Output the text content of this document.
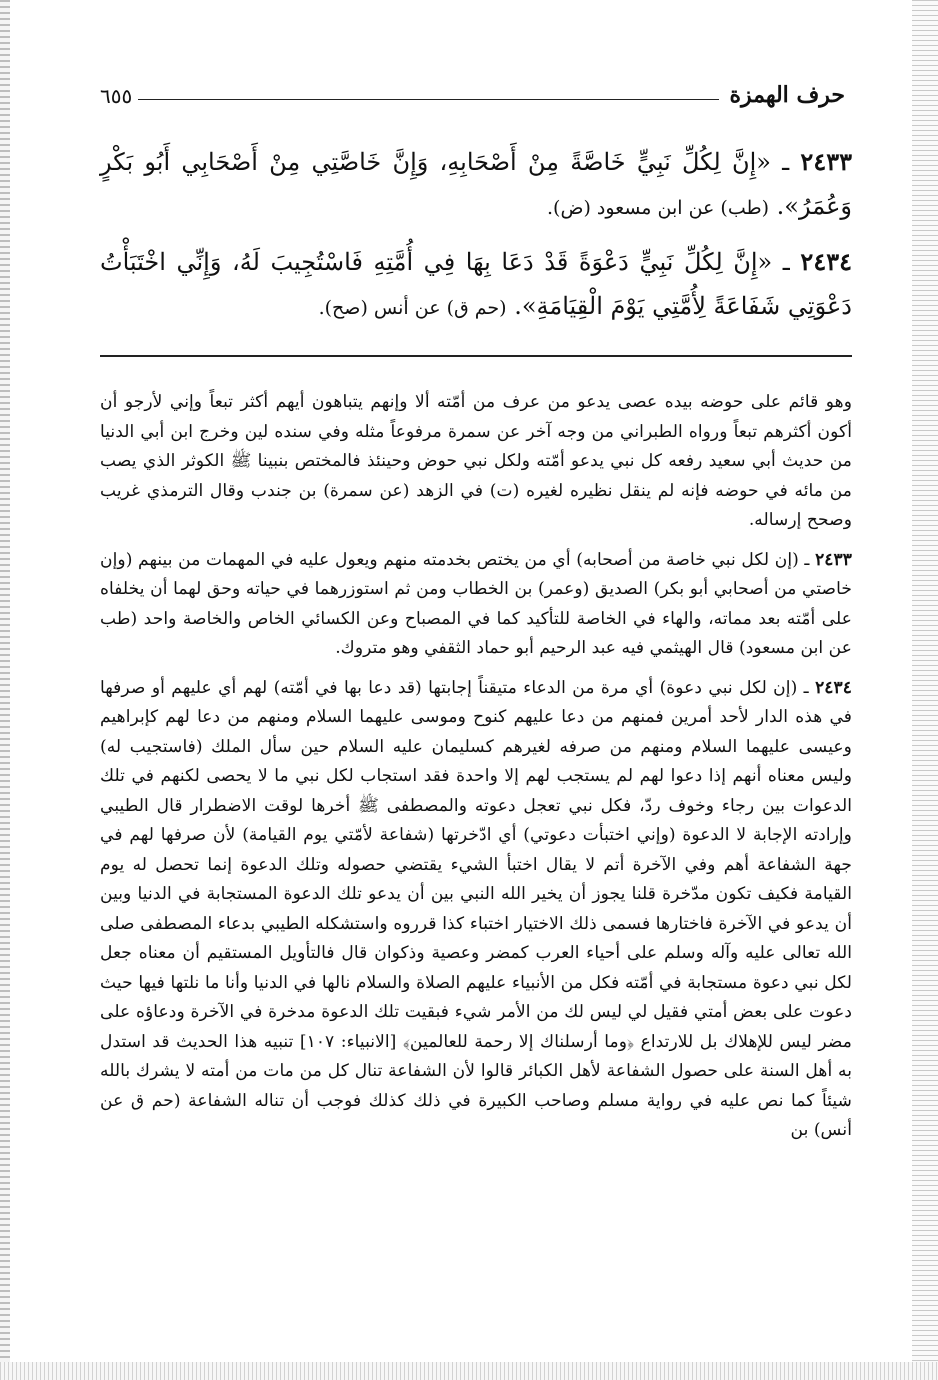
حرف الهمزة
٦٥٥

٢٤٣٣ ـ «إِنَّ لِكُلِّ نَبِيٍّ خَاصَّةً مِنْ أَصْحَابِهِ، وَإِنَّ خَاصَّتِي مِنْ أَصْحَابِي أَبُو بَكْرٍ وَعُمَرُ». (طب) عن ابن مسعود (ض).

٢٤٣٤ ـ «إِنَّ لِكُلِّ نَبِيٍّ دَعْوَةً قَدْ دَعَا بِهَا فِي أُمَّتِهِ فَاسْتُجِيبَ لَهُ، وَإِنِّي اخْتَبَأْتُ دَعْوَتِي شَفَاعَةً لِأُمَّتِي يَوْمَ الْقِيَامَةِ». (حم ق) عن أنس (صح).

وهو قائم على حوضه بيده عصى يدعو من عرف من أمّته ألا وإنهم يتباهون أيهم أكثر تبعاً وإني لأرجو أن أكون أكثرهم تبعاً ورواه الطبراني من وجه آخر عن سمرة مرفوعاً مثله وفي سنده لين وخرج ابن أبي الدنيا من حديث أبي سعيد رفعه كل نبي يدعو أمّته ولكل نبي حوض وحينئذ فالمختص بنبينا ﷺ الكوثر الذي يصب من مائه في حوضه فإنه لم ينقل نظيره لغيره (ت) في الزهد (عن سمرة) بن جندب وقال الترمذي غريب وصحح إرساله.

٢٤٣٣ ـ (إن لكل نبي خاصة من أصحابه) أي من يختص بخدمته منهم ويعول عليه في المهمات من بينهم (وإن خاصتي من أصحابي أبو بكر) الصديق (وعمر) بن الخطاب ومن ثم استوزرهما في حياته وحق لهما أن يخلفاه على أمّته بعد مماته، والهاء في الخاصة للتأكيد كما في المصباح وعن الكسائي الخاص والخاصة واحد (طب عن ابن مسعود) قال الهيثمي فيه عبد الرحيم أبو حماد الثقفي وهو متروك.

٢٤٣٤ ـ (إن لكل نبي دعوة) أي مرة من الدعاء متيقناً إجابتها (قد دعا بها في أمّته) لهم أي عليهم أو صرفها في هذه الدار لأحد أمرين فمنهم من دعا عليهم كنوح وموسى عليهما السلام ومنهم من دعا لهم كإبراهيم وعيسى عليهما السلام ومنهم من صرفه لغيرهم كسليمان عليه السلام حين سأل الملك (فاستجيب له) وليس معناه أنهم إذا دعوا لهم لم يستجب لهم إلا واحدة فقد استجاب لكل نبي ما لا يحصى لكنهم في تلك الدعوات بين رجاء وخوف ردّ، فكل نبي تعجل دعوته والمصطفى ﷺ أخرها لوقت الاضطرار قال الطيبي وإرادته الإجابة لا الدعوة (وإني اختبأت دعوتي) أي ادّخرتها (شفاعة لأمّتي يوم القيامة) لأن صرفها لهم في جهة الشفاعة أهم وفي الآخرة أتم لا يقال اختبأ الشيء يقتضي حصوله وتلك الدعوة إنما تحصل له يوم القيامة فكيف تكون مدّخرة قلنا يجوز أن يخير الله النبي بين أن يدعو تلك الدعوة المستجابة في الدنيا وبين أن يدعو في الآخرة فاختارها فسمى ذلك الاختيار اختباء كذا قرروه واستشكله الطيبي بدعاء المصطفى صلى الله تعالى عليه وآله وسلم على أحياء العرب كمضر وعصية وذكوان قال فالتأويل المستقيم أن معناه جعل لكل نبي دعوة مستجابة في أمّته فكل من الأنبياء عليهم الصلاة والسلام نالها في الدنيا وأنا ما نلتها فيها حيث دعوت على بعض أمتي فقيل لي ليس لك من الأمر شيء فبقيت تلك الدعوة مدخرة في الآخرة ودعاؤه على مضر ليس للإهلاك بل للارتداع ﴿وما أرسلناك إلا رحمة للعالمين﴾ [الانبياء: ١٠٧] تنبيه هذا الحديث قد استدل به أهل السنة على حصول الشفاعة لأهل الكبائر قالوا لأن الشفاعة تنال كل من مات من أمته لا يشرك بالله شيئاً كما نص عليه في رواية مسلم وصاحب الكبيرة في ذلك كذلك فوجب أن تناله الشفاعة (حم ق عن أنس) بن
